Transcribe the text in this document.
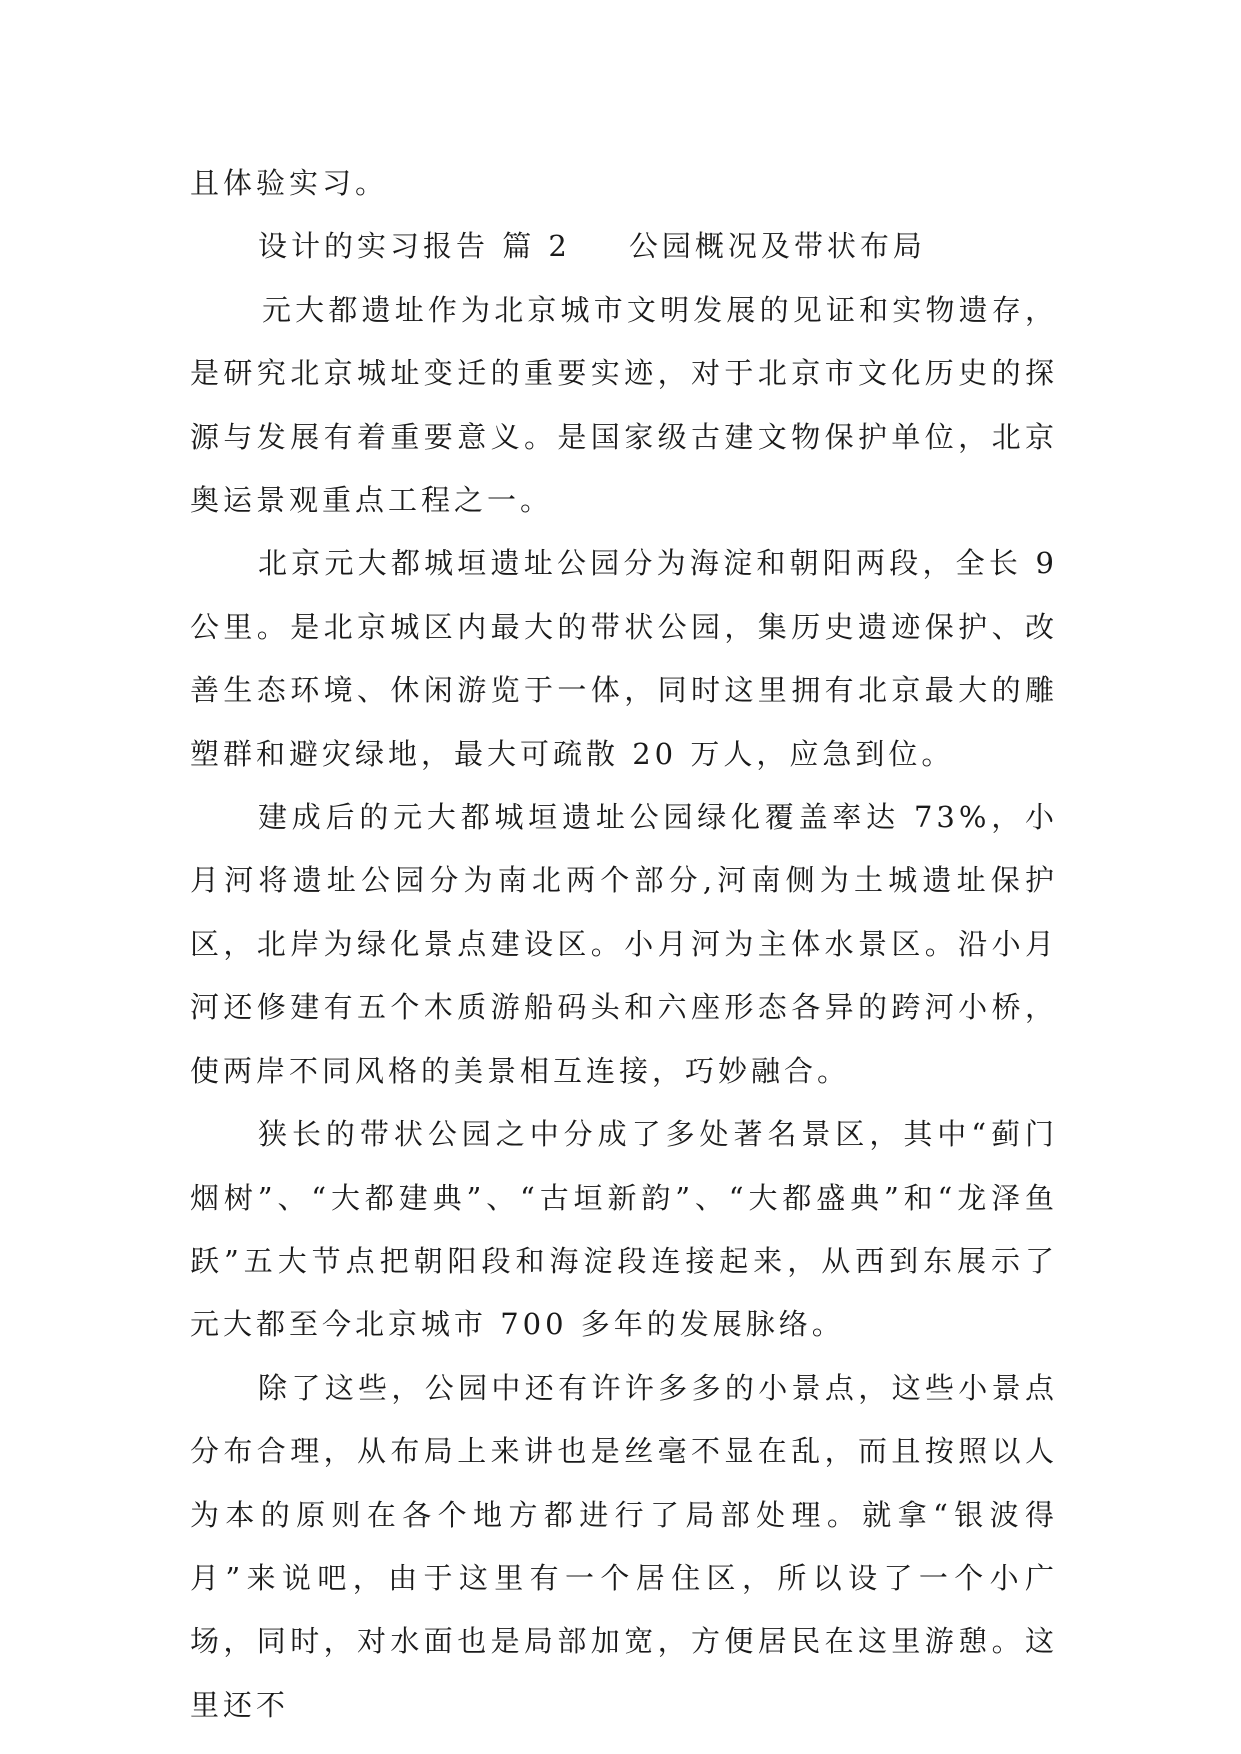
且体验实习。

设计的实习报告 篇 2 公园概况及带状布局

元大都遗址作为北京城市文明发展的见证和实物遗存，是研究北京城址变迁的重要实迹，对于北京市文化历史的探源与发展有着重要意义。是国家级古建文物保护单位，北京奥运景观重点工程之一。

北京元大都城垣遗址公园分为海淀和朝阳两段，全长 9 公里。是北京城区内最大的带状公园，集历史遗迹保护、改善生态环境、休闲游览于一体，同时这里拥有北京最大的雕塑群和避灾绿地，最大可疏散 20 万人，应急到位。

建成后的元大都城垣遗址公园绿化覆盖率达 73%，小月河将遗址公园分为南北两个部分,河南侧为土城遗址保护区，北岸为绿化景点建设区。小月河为主体水景区。沿小月河还修建有五个木质游船码头和六座形态各异的跨河小桥，使两岸不同风格的美景相互连接，巧妙融合。

狭长的带状公园之中分成了多处著名景区，其中“蓟门烟树”、“大都建典”、“古垣新韵”、“大都盛典”和“龙泽鱼跃”五大节点把朝阳段和海淀段连接起来，从西到东展示了元大都至今北京城市 700 多年的发展脉络。

除了这些，公园中还有许许多多的小景点，这些小景点分布合理，从布局上来讲也是丝毫不显在乱，而且按照以人为本的原则在各个地方都进行了局部处理。就拿“银波得月”来说吧，由于这里有一个居住区，所以设了一个小广场，同时，对水面也是局部加宽，方便居民在这里游憩。这里还不
